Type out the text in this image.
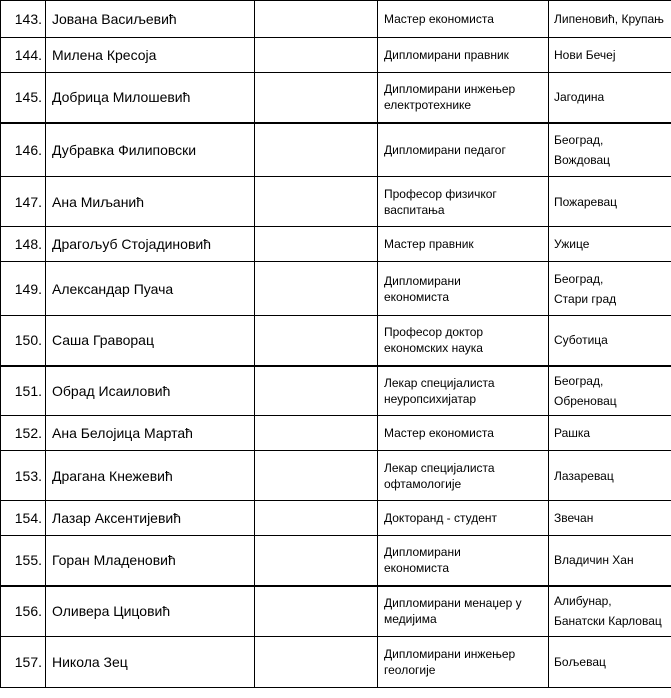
143.	Јована Васиљевић		Мастер економиста	Липеновић, Крупањ

144.	Милена Кресоја		Дипломирани правник	Нови Бечеј

145.	Добрица Милошевић		Дипломирани инжењер
електротехнике	Јагодина

146.	Дубравка Филиповски		Дипломирани педагог	Београд,
Вождовац

147.	Ана Миљанић		Професор физичког
васпитања	Пожаревац

148.	Драгољуб Стојадиновић		Мастер правник	Ужице

149.	Александар Пуача		Дипломирани
економиста	Београд,
Стари град

150.	Саша Граворац		Професор доктор
економских наука	Суботица

151.	Обрад Исаиловић		Лекар специјалиста
неуропсихијатар	Београд,
Обреновац

152.	Ана Белојица Мартаћ		Мастер економиста	Рашка

153.	Драгана Кнежевић		Лекар специјалиста
офтамологије	Лазаревац

154.	Лазар Аксентијевић		Докторанд - студент	Звечан

155.	Горан Младеновић		Дипломирани
економиста	Владичин Хан

156.	Оливера Цицовић		Дипломирани менаџер у
медијима	Алибунар,
Банатски Карловац

157.	Никола Зец		Дипломирани инжењер
геологије	Бољевац
